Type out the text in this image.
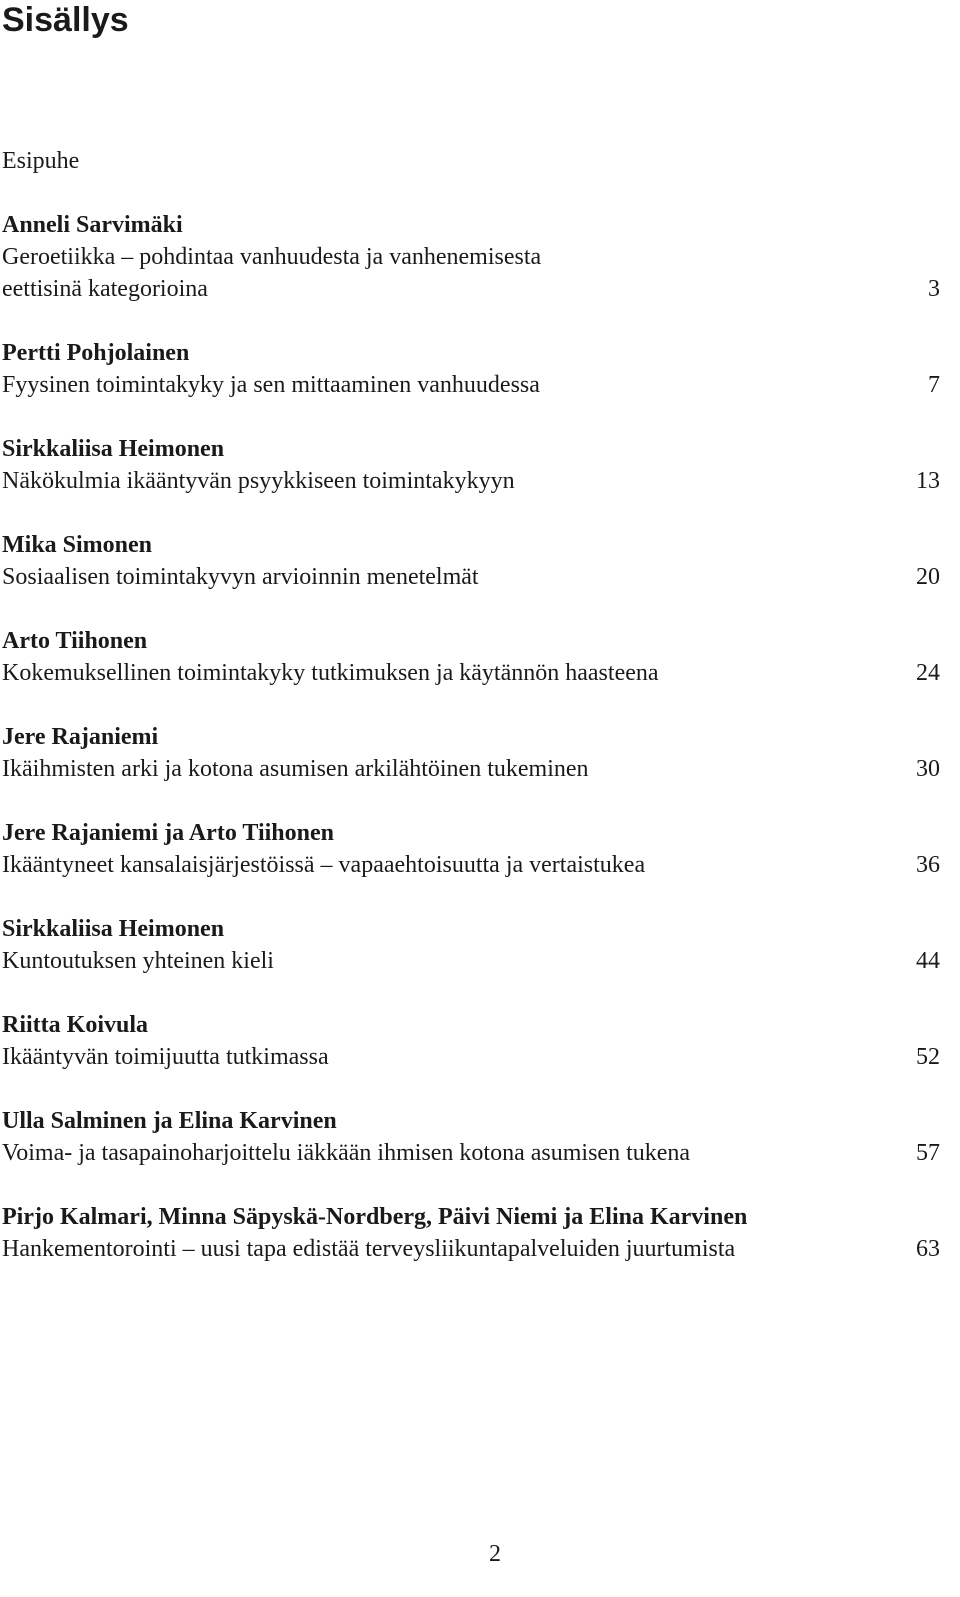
Sisällys
Esipuhe
Anneli Sarvimäki
Geroetiikka – pohdintaa vanhuudesta ja vanhenemisesta
eettisinä kategorioina	3
Pertti Pohjolainen
Fyysinen toimintakyky ja sen mittaaminen vanhuudessa	7
Sirkkaliisa Heimonen
Näkökulmia ikääntyvän psyykkiseen toimintakykyyn	13
Mika Simonen
Sosiaalisen toimintakyvyn arvioinnin menetelmät	20
Arto Tiihonen
Kokemuksellinen toimintakyky tutkimuksen ja käytännön haasteena	24
Jere Rajaniemi
Ikäihmisten arki ja kotona asumisen arkilähtöinen tukeminen	30
Jere Rajaniemi ja Arto Tiihonen
Ikääntyneet kansalaisjärjestöissä – vapaaehtoisuutta ja vertaistukea	36
Sirkkaliisa Heimonen
Kuntoutuksen yhteinen kieli	44
Riitta Koivula
Ikääntyvän toimijuutta tutkimassa	52
Ulla Salminen ja Elina Karvinen
Voima- ja tasapainoharjoittelu iäkkään ihmisen kotona asumisen tukena	57
Pirjo Kalmari, Minna Säpyskä-Nordberg, Päivi Niemi ja Elina Karvinen
Hankementorointi – uusi tapa edistää terveysliikuntapalveluiden juurtumista	63
2
